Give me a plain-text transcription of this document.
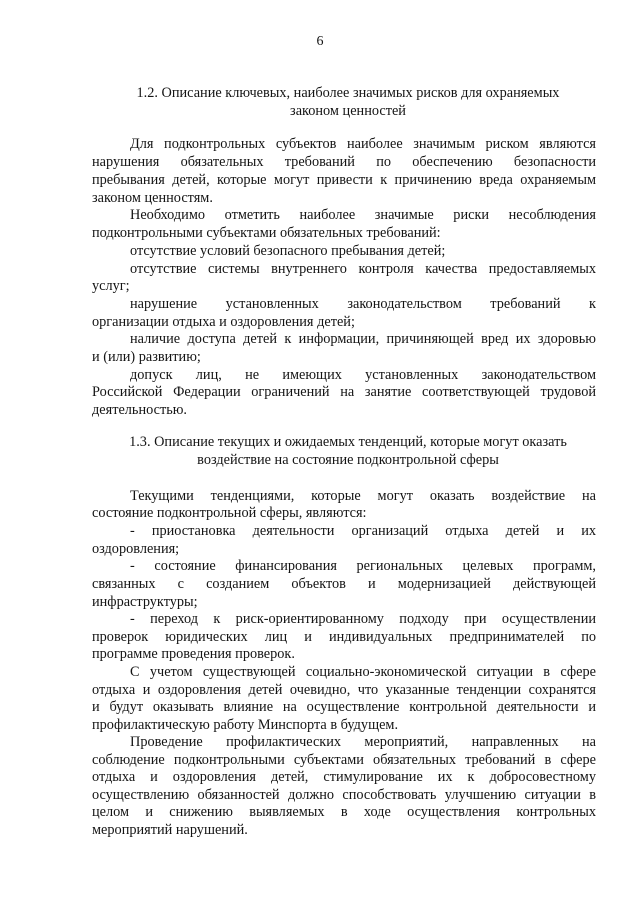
6

1.2. Описание ключевых, наиболее значимых рисков для охраняемых

законом ценностей

Для подконтрольных субъектов наиболее значимым риском являются
нарушения обязательных требований по обеспечению безопасности
пребывания детей, которые могут привести к причинению вреда охраняемым
законом ценностям.
Необходимо отметить наиболее значимые риски несоблюдения
подконтрольными субъектами обязательных требований:
отсутствие условий безопасного пребывания детей;
отсутствие системы внутреннего контроля качества предоставляемых
услуг;
нарушение установленных законодательством требований к
организации отдыха и оздоровления детей;
наличие доступа детей к информации, причиняющей вред их здоровью
и (или) развитию;
допуск лиц, не имеющих установленных законодательством
Российской Федерации ограничений на занятие соответствующей трудовой
деятельностью.

1.3. Описание текущих и ожидаемых тенденций, которые могут оказать

воздействие на состояние подконтрольной сферы

Текущими тенденциями, которые могут оказать воздействие на
состояние подконтрольной сферы, являются:
- приостановка деятельности организаций отдыха детей и их
оздоровления;
- состояние финансирования региональных целевых программ,
связанных с созданием объектов и модернизацией действующей
инфраструктуры;
- переход к риск-ориентированному подходу при осуществлении
проверок юридических лиц и индивидуальных предпринимателей по
программе проведения проверок.
С учетом существующей социально-экономической ситуации в сфере
отдыха и оздоровления детей очевидно, что указанные тенденции сохранятся
и будут оказывать влияние на осуществление контрольной деятельности и
профилактическую работу Минспорта в будущем.
Проведение профилактических мероприятий, направленных на
соблюдение подконтрольными субъектами обязательных требований в сфере
отдыха и оздоровления детей, стимулирование их к добросовестному
осуществлению обязанностей должно способствовать улучшению ситуации в
целом и снижению выявляемых в ходе осуществления контрольных
мероприятий нарушений.
